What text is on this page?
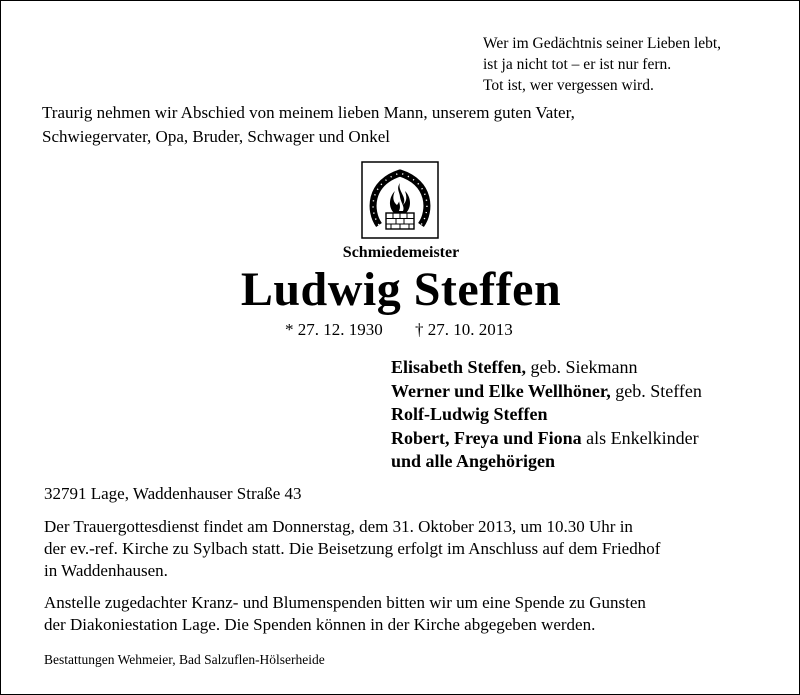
Wer im Gedächtnis seiner Lieben lebt,
ist ja nicht tot – er ist nur fern.
Tot ist, wer vergessen wird.
Traurig nehmen wir Abschied von meinem lieben Mann, unserem guten Vater,
Schwiegervater, Opa, Bruder, Schwager und Onkel
Schmiedemeister
Ludwig Steffen
* 27. 12. 1930 † 27. 10. 2013
Elisabeth Steffen, geb. Siekmann
Werner und Elke Wellhöner, geb. Steffen
Rolf-Ludwig Steffen
Robert, Freya und Fiona als Enkelkinder
und alle Angehörigen
32791 Lage, Waddenhauser Straße 43
Der Trauergottesdienst findet am Donnerstag, dem 31. Oktober 2013, um 10.30 Uhr in
der ev.-ref. Kirche zu Sylbach statt. Die Beisetzung erfolgt im Anschluss auf dem Friedhof
in Waddenhausen.
Anstelle zugedachter Kranz- und Blumenspenden bitten wir um eine Spende zu Gunsten
der Diakoniestation Lage. Die Spenden können in der Kirche abgegeben werden.
Bestattungen Wehmeier, Bad Salzuflen-Hölserheide
